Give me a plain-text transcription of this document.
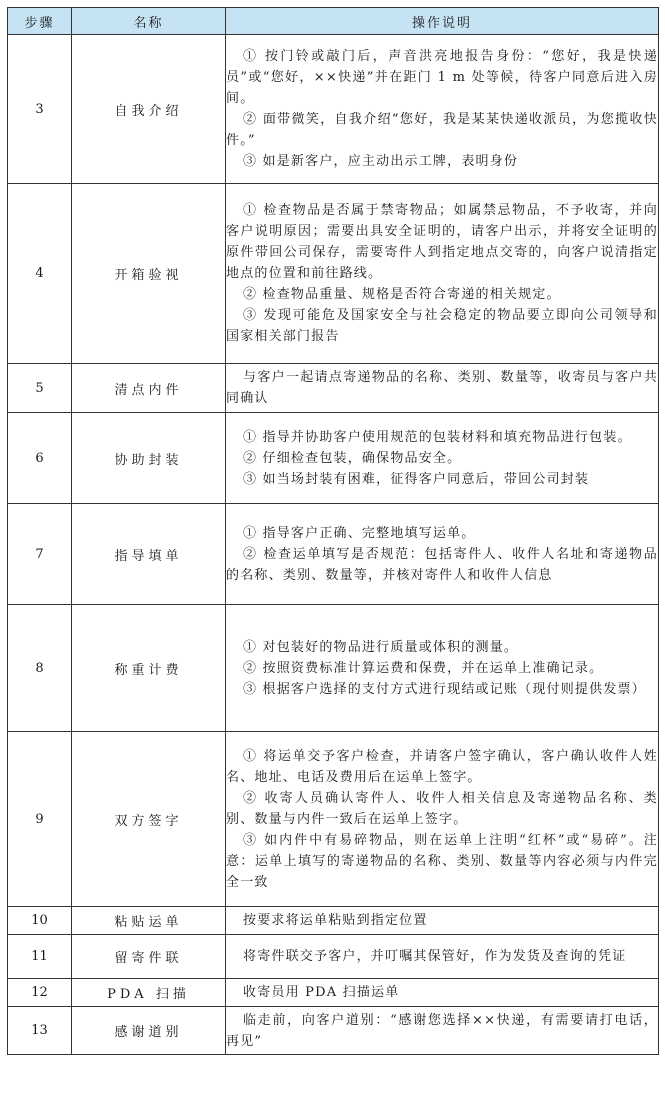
步骤	名称	操作说明
3	自我介绍	① 按门铃或敲门后，声音洪亮地报告身份：“您好，我是快递员”或“您好，××快递”并在距门 1 m 处等候，待客户同意后进入房间。

② 面带微笑，自我介绍“您好，我是某某快递收派员，为您揽收快件。”

③ 如是新客户，应主动出示工牌，表明身份

4	开箱验视	① 检查物品是否属于禁寄物品；如属禁忌物品，不予收寄，并向客户说明原因；需要出具安全证明的，请客户出示，并将安全证明的原件带回公司保存，需要寄件人到指定地点交寄的，向客户说清指定地点的位置和前往路线。

② 检查物品重量、规格是否符合寄递的相关规定。

③ 发现可能危及国家安全与社会稳定的物品要立即向公司领导和国家相关部门报告

5	清点内件	与客户一起请点寄递物品的名称、类别、数量等，收寄员与客户共同确认

6	协助封装	① 指导并协助客户使用规范的包装材料和填充物品进行包装。

② 仔细检查包装，确保物品安全。

③ 如当场封装有困难，征得客户同意后，带回公司封装

7	指导填单	① 指导客户正确、完整地填写运单。

② 检查运单填写是否规范：包括寄件人、收件人名址和寄递物品的名称、类别、数量等，并核对寄件人和收件人信息

8	称重计费	① 对包装好的物品进行质量或体积的测量。

② 按照资费标准计算运费和保费，并在运单上准确记录。

③ 根据客户选择的支付方式进行现结或记账（现付则提供发票）

9	双方签字	① 将运单交予客户检查，并请客户签字确认，客户确认收件人姓名、地址、电话及费用后在运单上签字。

② 收寄人员确认寄件人、收件人相关信息及寄递物品名称、类别、数量与内件一致后在运单上签字。

③ 如内件中有易碎物品，则在运单上注明“红杯”或“易碎”。注意：运单上填写的寄递物品的名称、类别、数量等内容必须与内件完全一致

10	粘贴运单	按要求将运单粘贴到指定位置

11	留寄件联	将寄件联交予客户，并叮嘱其保管好，作为发货及查询的凭证

12	PDA 扫描	收寄员用 PDA 扫描运单

13	感谢道别	临走前，向客户道别：“感谢您选择××快递，有需要请打电话，再见”
